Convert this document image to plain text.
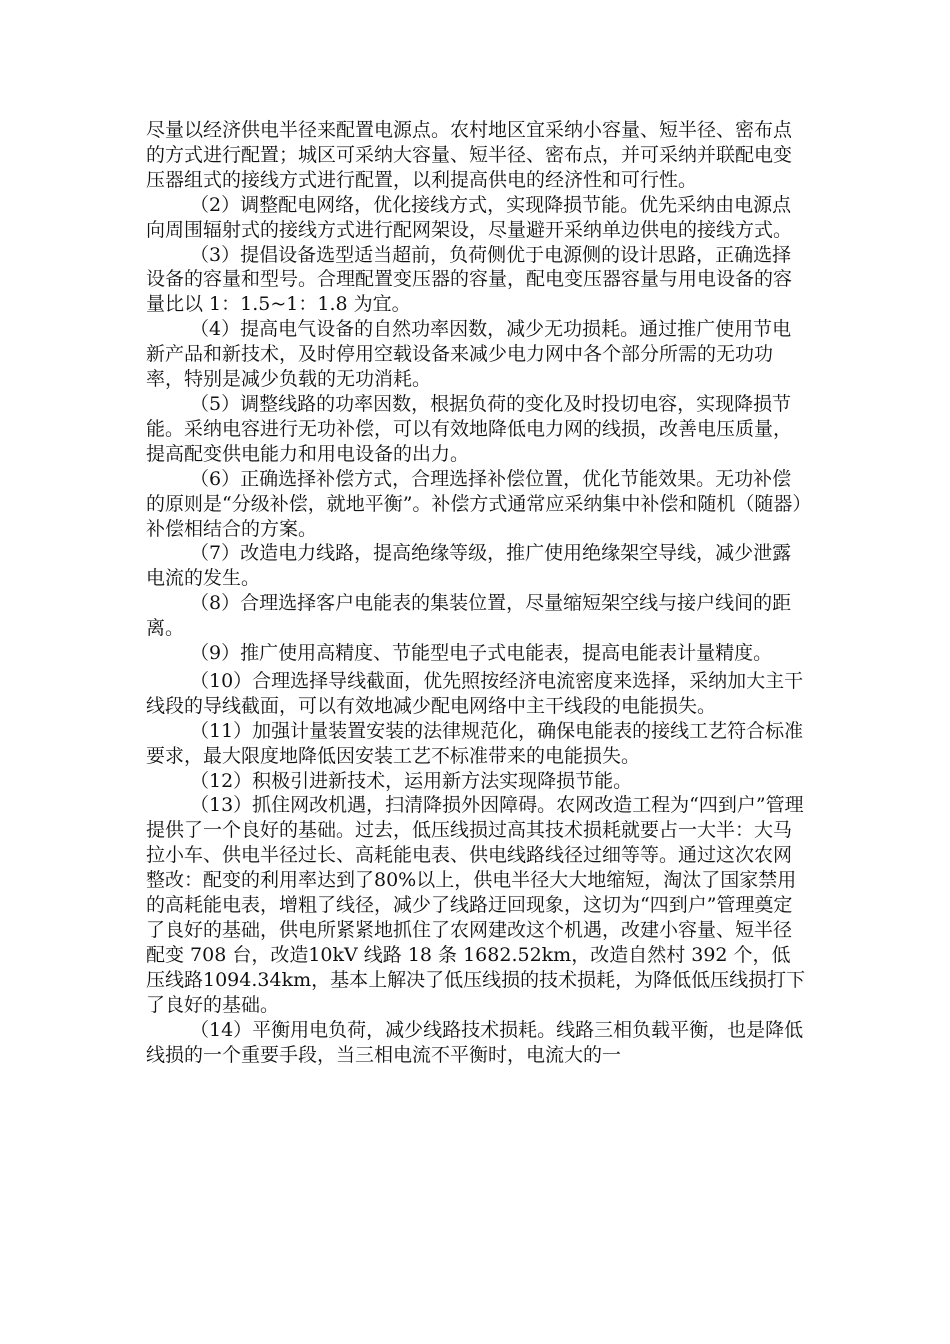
尽量以经济供电半径来配置电源点。农村地区宜采纳小容量、短半径、密布点的方式进行配置；城区可采纳大容量、短半径、密布点，并可采纳并联配电变压器组式的接线方式进行配置，以利提高供电的经济性和可行性。

（2）调整配电网络，优化接线方式，实现降损节能。优先采纳由电源点向周围辐射式的接线方式进行配网架设，尽量避开采纳单边供电的接线方式。

（3）提倡设备选型适当超前，负荷侧优于电源侧的设计思路，正确选择设备的容量和型号。合理配置变压器的容量，配电变压器容量与用电设备的容量比以 1：1.5~1：1.8 为宜。

（4）提高电气设备的自然功率因数，减少无功损耗。通过推广使用节电新产品和新技术，及时停用空载设备来减少电力网中各个部分所需的无功功率，特别是减少负载的无功消耗。

（5）调整线路的功率因数，根据负荷的变化及时投切电容，实现降损节能。采纳电容进行无功补偿，可以有效地降低电力网的线损，改善电压质量，提高配变供电能力和用电设备的出力。

（6）正确选择补偿方式，合理选择补偿位置，优化节能效果。无功补偿的原则是“分级补偿，就地平衡”。补偿方式通常应采纳集中补偿和随机（随器）补偿相结合的方案。

（7）改造电力线路，提高绝缘等级，推广使用绝缘架空导线，减少泄露电流的发生。

（8）合理选择客户电能表的集装位置，尽量缩短架空线与接户线间的距离。

（9）推广使用高精度、节能型电子式电能表，提高电能表计量精度。

（10）合理选择导线截面，优先照按经济电流密度来选择，采纳加大主干线段的导线截面，可以有效地减少配电网络中主干线段的电能损失。

（11）加强计量装置安装的法律规范化，确保电能表的接线工艺符合标准要求，最大限度地降低因安装工艺不标准带来的电能损失。

（12）积极引进新技术，运用新方法实现降损节能。

（13）抓住网改机遇，扫清降损外因障碍。农网改造工程为“四到户”管理提供了一个良好的基础。过去，低压线损过高其技术损耗就要占一大半：大马拉小车、供电半径过长、高耗能电表、供电线路线径过细等等。通过这次农网整改：配变的利用率达到了80%以上，供电半径大大地缩短，淘汰了国家禁用的高耗能电表，增粗了线径，减少了线路迂回现象，这切为“四到户”管理奠定了良好的基础，供电所紧紧地抓住了农网建改这个机遇，改建小容量、短半径配变 708 台，改造10kV 线路 18 条 1682.52km，改造自然村 392 个，低压线路1094.34km，基本上解决了低压线损的技术损耗，为降低低压线损打下了良好的基础。

（14）平衡用电负荷，减少线路技术损耗。线路三相负载平衡，也是降低线损的一个重要手段，当三相电流不平衡时，电流大的一
